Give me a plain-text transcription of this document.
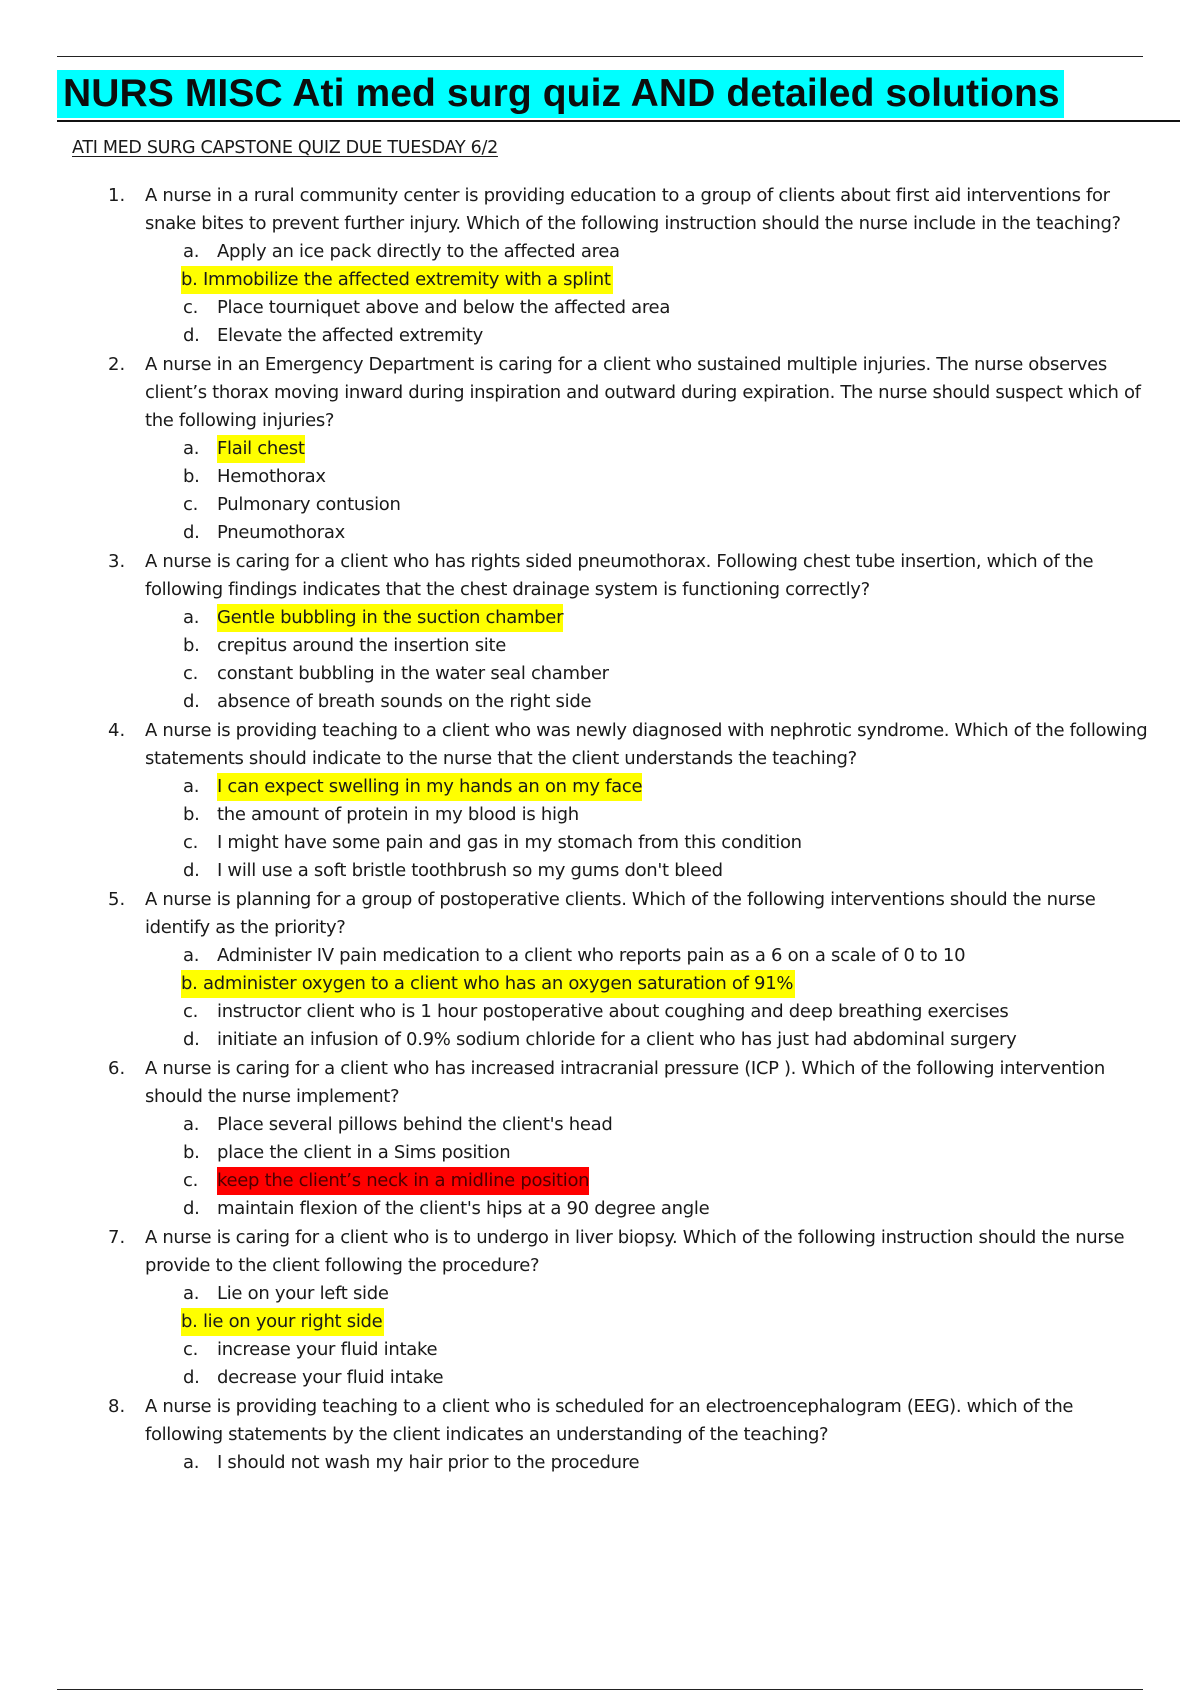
NURS MISC Ati med surg quiz AND detailed solutions
ATI MED SURG CAPSTONE QUIZ DUE TUESDAY 6/2
1. A nurse in a rural community center is providing education to a group of clients about first aid interventions for snake bites to prevent further injury. Which of the following instruction should the nurse include in the teaching?
a. Apply an ice pack directly to the affected area
b. Immobilize the affected extremity with a splint
c. Place tourniquet above and below the affected area
d. Elevate the affected extremity
2. A nurse in an Emergency Department is caring for a client who sustained multiple injuries. The nurse observes client’s thorax moving inward during inspiration and outward during expiration. The nurse should suspect which of the following injuries?
a. Flail chest
b. Hemothorax
c. Pulmonary contusion
d. Pneumothorax
3. A nurse is caring for a client who has rights sided pneumothorax. Following chest tube insertion, which of the following findings indicates that the chest drainage system is functioning correctly?
a. Gentle bubbling in the suction chamber
b. crepitus around the insertion site
c. constant bubbling in the water seal chamber
d. absence of breath sounds on the right side
4. A nurse is providing teaching to a client who was newly diagnosed with nephrotic syndrome. Which of the following statements should indicate to the nurse that the client understands the teaching?
a. I can expect swelling in my hands an on my face
b. the amount of protein in my blood is high
c. I might have some pain and gas in my stomach from this condition
d. I will use a soft bristle toothbrush so my gums don't bleed
5. A nurse is planning for a group of postoperative clients. Which of the following interventions should the nurse identify as the priority?
a. Administer IV pain medication to a client who reports pain as a 6 on a scale of 0 to 10
b. administer oxygen to a client who has an oxygen saturation of 91%
c. instructor client who is 1 hour postoperative about coughing and deep breathing exercises
d. initiate an infusion of 0.9% sodium chloride for a client who has just had abdominal surgery
6. A nurse is caring for a client who has increased intracranial pressure (ICP ). Which of the following intervention should the nurse implement?
a. Place several pillows behind the client's head
b. place the client in a Sims position
c. keep the client’s neck in a midline position
d. maintain flexion of the client's hips at a 90 degree angle
7. A nurse is caring for a client who is to undergo in liver biopsy. Which of the following instruction should the nurse provide to the client following the procedure?
a. Lie on your left side
b. lie on your right side
c. increase your fluid intake
d. decrease your fluid intake
8. A nurse is providing teaching to a client who is scheduled for an electroencephalogram (EEG). which of the following statements by the client indicates an understanding of the teaching?
a. I should not wash my hair prior to the procedure
